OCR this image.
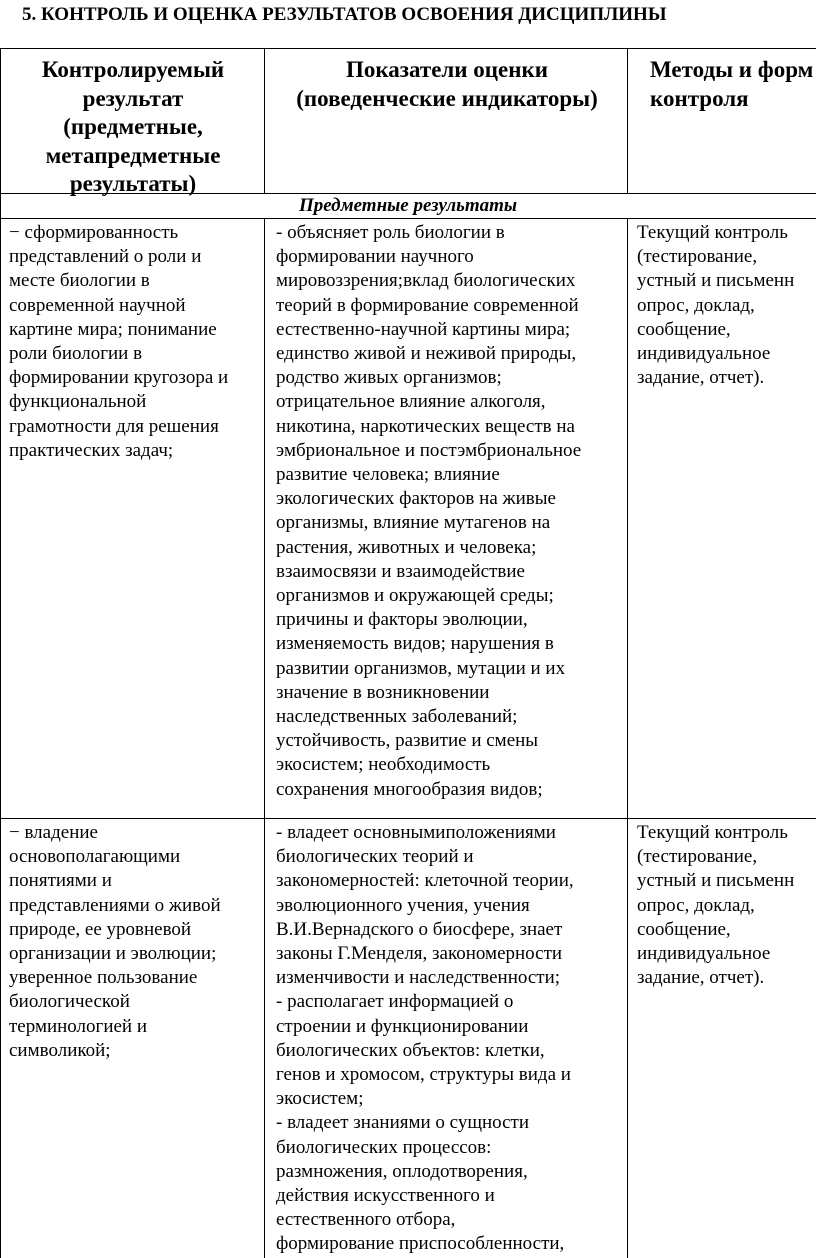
5. КОНТРОЛЬ И ОЦЕНКА РЕЗУЛЬТАТОВ ОСВОЕНИЯ ДИСЦИПЛИНЫ
Контролируемый
результат
(предметные,
метапредметные
результаты)
Показатели оценки
(поведенческие индикаторы)
Методы и форм
контроля
Предметные результаты
− сформированность
представлений о роли и
месте биологии в
современной научной
картине мира; понимание
роли биологии в
формировании кругозора и
функциональной
грамотности для решения
практических задач;
- объясняет роль биологии в
формировании научного
мировоззрения;вклад биологических
теорий в формирование современной
естественно-научной картины мира;
единство живой и неживой природы,
родство живых организмов;
отрицательное влияние алкоголя,
никотина, наркотических веществ на
эмбриональное и постэмбриональное
развитие человека; влияние
экологических факторов на живые
организмы, влияние мутагенов на
растения, животных и человека;
взаимосвязи и взаимодействие
организмов и окружающей среды;
причины и факторы эволюции,
изменяемость видов; нарушения в
развитии организмов, мутации и их
значение в возникновении
наследственных заболеваний;
устойчивость, развитие и смены
экосистем; необходимость
сохранения многообразия видов;
Текущий контроль
(тестирование,
устный и письменн
опрос, доклад,
сообщение,
индивидуальное
задание, отчет).
− владение
основополагающими
понятиями и
представлениями о живой
природе, ее уровневой
организации и эволюции;
уверенное пользование
биологической
терминологией и
символикой;
- владеет основнымиположениями
биологических теорий и
закономерностей: клеточной теории,
эволюционного учения, учения
В.И.Вернадского о биосфере, знает
законы Г.Менделя, закономерности
изменчивости и наследственности;
- располагает информацией о
строении и функционировании
биологических объектов: клетки,
генов и хромосом, структуры вида и
экосистем;
- владеет знаниями о сущности
биологических процессов:
размножения, оплодотворения,
действия искусственного и
естественного отбора,
формирование приспособленности,
Текущий контроль
(тестирование,
устный и письменн
опрос, доклад,
сообщение,
индивидуальное
задание, отчет).
